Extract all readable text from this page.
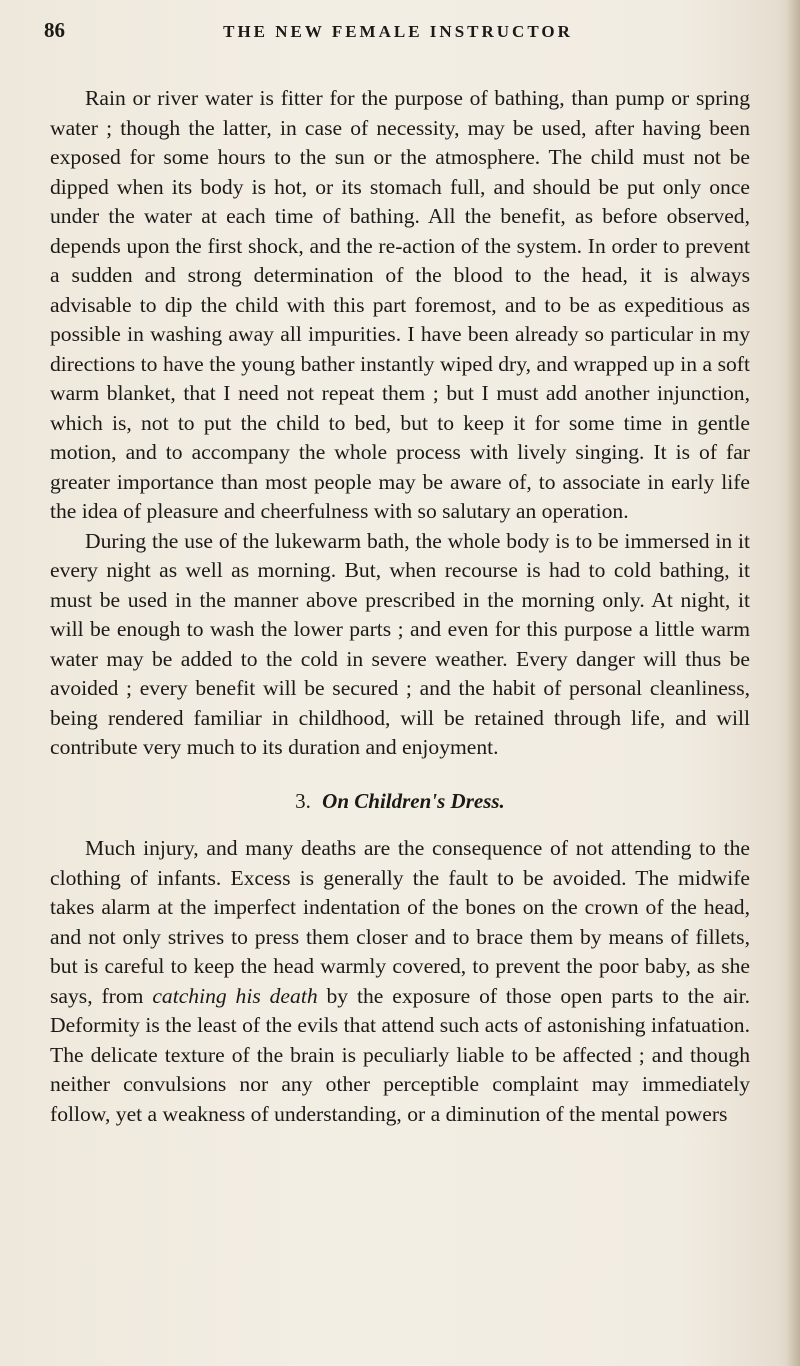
86	THE NEW FEMALE INSTRUCTOR

Rain or river water is fitter for the purpose of bathing, than pump or spring water ; though the latter, in case of necessity, may be used, after having been exposed for some hours to the sun or the atmosphere. The child must not be dipped when its body is hot, or its stomach full, and should be put only once under the water at each time of bathing. All the benefit, as before observed, depends upon the first shock, and the re-action of the system. In order to prevent a sudden and strong determination of the blood to the head, it is always advisable to dip the child with this part foremost, and to be as expeditious as possible in washing away all impurities. I have been already so particular in my directions to have the young bather instantly wiped dry, and wrapped up in a soft warm blanket, that I need not repeat them ; but I must add another injunction, which is, not to put the child to bed, but to keep it for some time in gentle motion, and to accompany the whole process with lively singing. It is of far greater importance than most people may be aware of, to associate in early life the idea of pleasure and cheerfulness with so salutary an operation.

During the use of the lukewarm bath, the whole body is to be immersed in it every night as well as morning. But, when recourse is had to cold bathing, it must be used in the manner above prescribed in the morning only. At night, it will be enough to wash the lower parts ; and even for this purpose a little warm water may be added to the cold in severe weather. Every danger will thus be avoided ; every benefit will be secured ; and the habit of personal cleanliness, being rendered familiar in childhood, will be retained through life, and will contribute very much to its duration and enjoyment.

3. On Children's Dress.

Much injury, and many deaths are the consequence of not attending to the clothing of infants. Excess is generally the fault to be avoided. The midwife takes alarm at the imperfect indentation of the bones on the crown of the head, and not only strives to press them closer and to brace them by means of fillets, but is careful to keep the head warmly covered, to prevent the poor baby, as she says, from catching his death by the exposure of those open parts to the air. Deformity is the least of the evils that attend such acts of astonishing infatuation. The delicate texture of the brain is peculiarly liable to be affected ; and though neither convulsions nor any other perceptible complaint may immediately follow, yet a weakness of understanding, or a diminution of the mental powers
